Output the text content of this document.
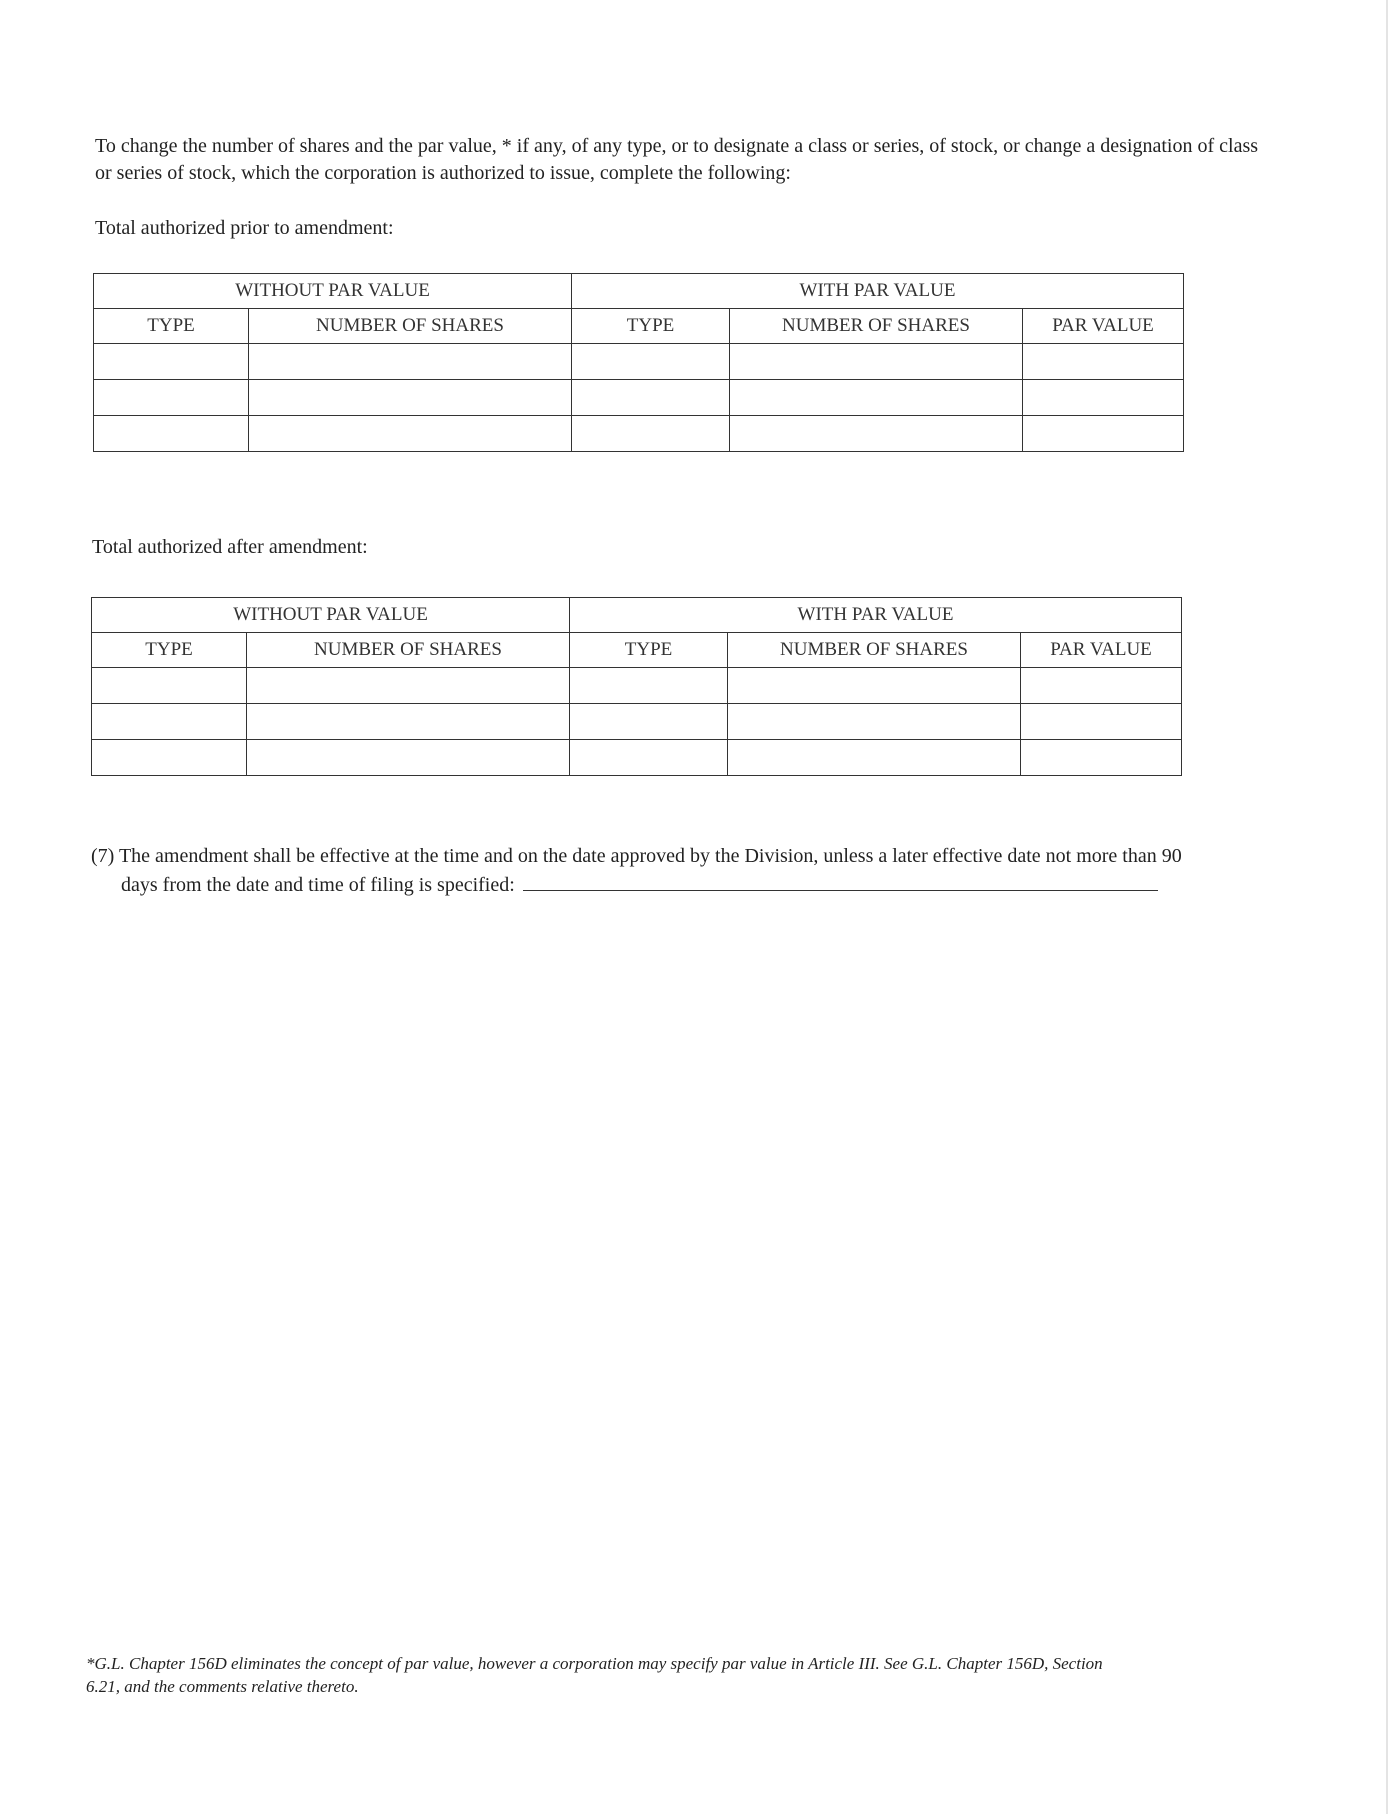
To change the number of shares and the par value, * if any, of any type, or to designate a class or series, of stock, or change a designation of class or series of stock, which the corporation is authorized to issue, complete the following:
Total authorized prior to amendment:
WITHOUT PAR VALUE		WITH PAR VALUE		
TYPE	NUMBER OF SHARES	TYPE	NUMBER OF SHARES	PAR VALUE

Total authorized after amendment:
WITHOUT PAR VALUE		WITH PAR VALUE		
TYPE	NUMBER OF SHARES	TYPE	NUMBER OF SHARES	PAR VALUE

(7) The amendment shall be effective at the time and on the date approved by the Division, unless a later effective date not more than 90
days from the date and time of filing is specified:
*G.L. Chapter 156D eliminates the concept of par value, however a corporation may specify par value in Article III. See G.L. Chapter 156D, Section 6.21, and the comments relative thereto.
